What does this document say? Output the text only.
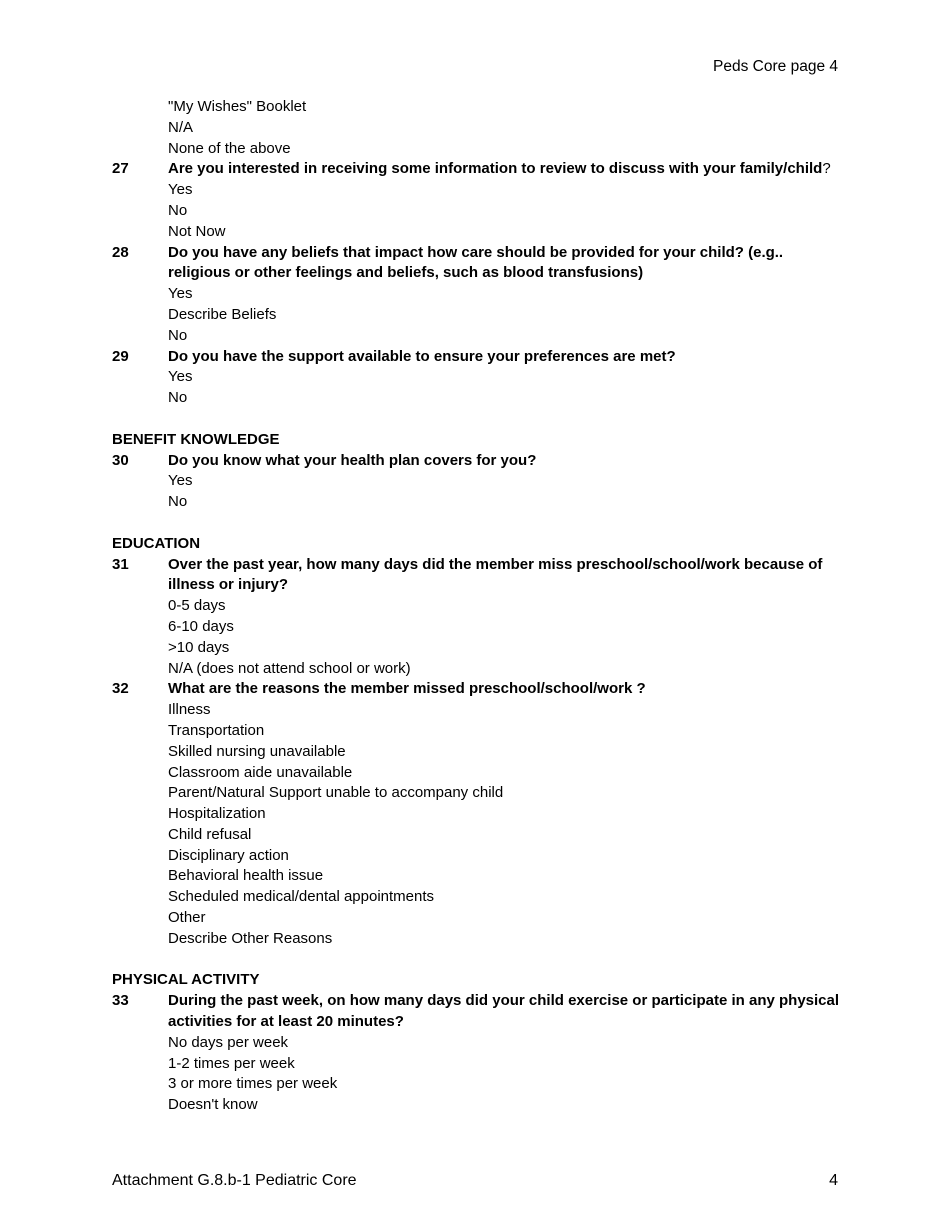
Peds Core page 4
"My Wishes" Booklet
N/A
None of the above
27	Are you interested in receiving some information to review to discuss with your family/child?
Yes
No
Not Now
28	Do you have any beliefs that impact how care should be provided for your child? (e.g.. religious or other feelings and beliefs, such as blood transfusions)
Yes
Describe Beliefs
No
29	Do you have the support available to ensure your preferences are met?
Yes
No
BENEFIT KNOWLEDGE
30	Do you know what your health plan covers for you?
Yes
No
EDUCATION
31	Over the past year, how many days did the member miss preschool/school/work because of illness or injury?
0-5 days
6-10 days
>10 days
N/A (does not attend school or work)
32	What are the reasons the member missed preschool/school/work ?
Illness
Transportation
Skilled nursing unavailable
Classroom aide unavailable
Parent/Natural Support unable to accompany child
Hospitalization
Child refusal
Disciplinary action
Behavioral health issue
Scheduled medical/dental appointments
Other
Describe Other Reasons
PHYSICAL ACTIVITY
33	During the past week, on how many days did your child exercise or participate in any physical activities for at least 20 minutes?
No days per week
1-2 times per week
3 or more times per week
Doesn't know
Attachment G.8.b-1 Pediatric Core	4
